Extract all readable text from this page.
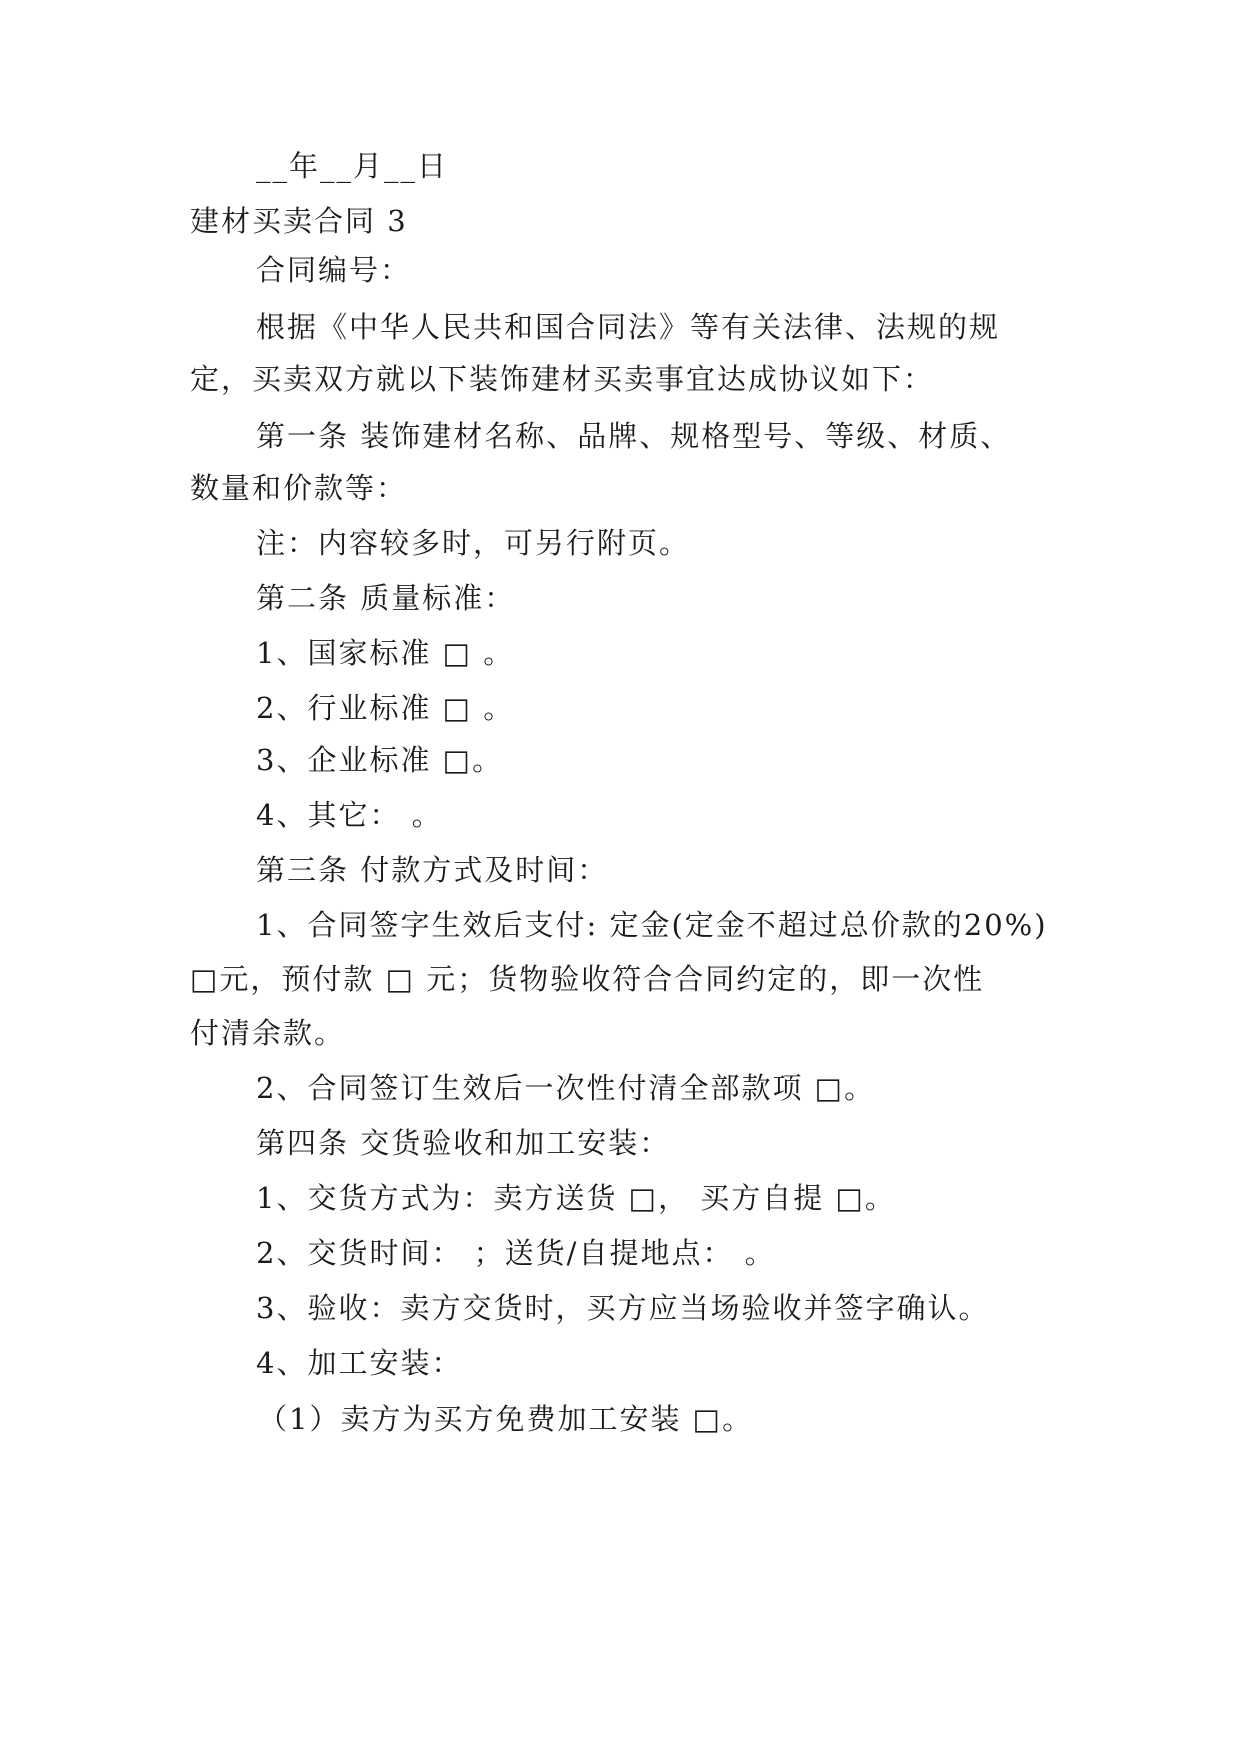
__年__月__日
建材买卖合同 3
合同编号：
根据《中华人民共和国合同法》等有关法律、法规的规
定，买卖双方就以下装饰建材买卖事宜达成协议如下：
第一条 装饰建材名称、品牌、规格型号、等级、材质、
数量和价款等：
注：内容较多时，可另行附页。
第二条 质量标准：
1、国家标准 □ 。
2、行业标准 □ 。
3、企业标准 □。
4、其它： 。
第三条 付款方式及时间：
1、合同签字生效后支付: 定金(定金不超过总价款的20%)
□元，预付款 □ 元；货物验收符合合同约定的，即一次性
付清余款。
2、合同签订生效后一次性付清全部款项 □。
第四条 交货验收和加工安装：
1、交货方式为：卖方送货 □， 买方自提 □。
2、交货时间： ；送货/自提地点： 。
3、验收：卖方交货时，买方应当场验收并签字确认。
4、加工安装：
（1）卖方为买方免费加工安装 □。
